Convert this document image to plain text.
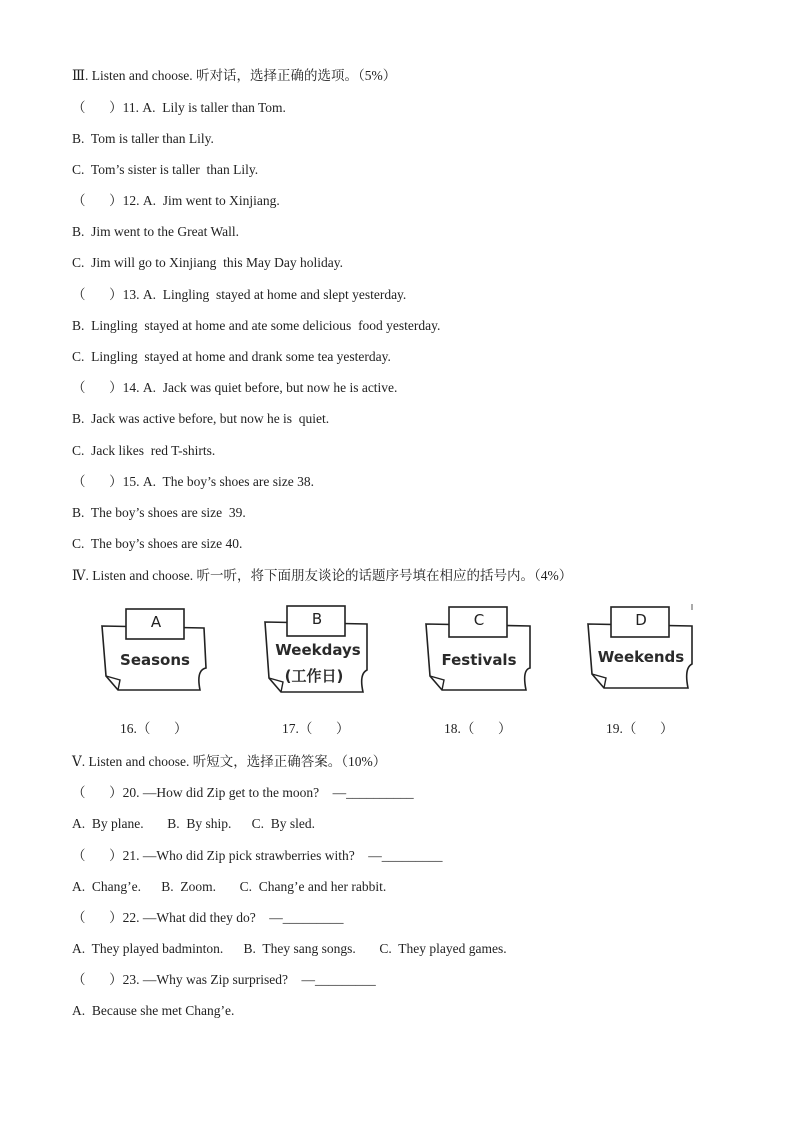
Ⅲ. Listen and choose. 听对话，选择正确的选项。（5%）
（       ）11. A.  Lily is taller than Tom.
B.  Tom is taller than Lily.
C.  Tom’s sister is taller  than Lily.
（       ）12. A.  Jim went to Xinjiang.
B.  Jim went to the Great Wall.
C.  Jim will go to Xinjiang  this May Day holiday.
（       ）13. A.  Lingling  stayed at home and slept yesterday.
B.  Lingling  stayed at home and ate some delicious  food yesterday.
C.  Lingling  stayed at home and drank some tea yesterday.
（       ）14. A.  Jack was quiet before, but now he is active.
B.  Jack was active before, but now he is  quiet.
C.  Jack likes  red T-shirts.
（       ）15. A.  The boy’s shoes are size 38.
B.  The boy’s shoes are size  39.
C.  The boy’s shoes are size 40.
Ⅳ. Listen and choose. 听一听，将下面朋友谈论的话题序号填在相应的括号内。（4%）
A
Seasons
B
Weekdays
(工作日)
C
Festivals
D
Weekends
16.（       ）	17.（       ）	18.（       ）	19.（       ）
Ⅴ. Listen and choose. 听短文，选择正确答案。（10%）
（       ）20. —How did Zip get to the moon?    —__________
A.  By plane.       B.  By ship.      C.  By sled.
（       ）21. —Who did Zip pick strawberries with?    —_________
A.  Chang’e.      B.  Zoom.       C.  Chang’e and her rabbit.
（       ）22. —What did they do?    —_________
A.  They played badminton.      B.  They sang songs.       C.  They played games.
（       ）23. —Why was Zip surprised?    —_________
A.  Because she met Chang’e.
